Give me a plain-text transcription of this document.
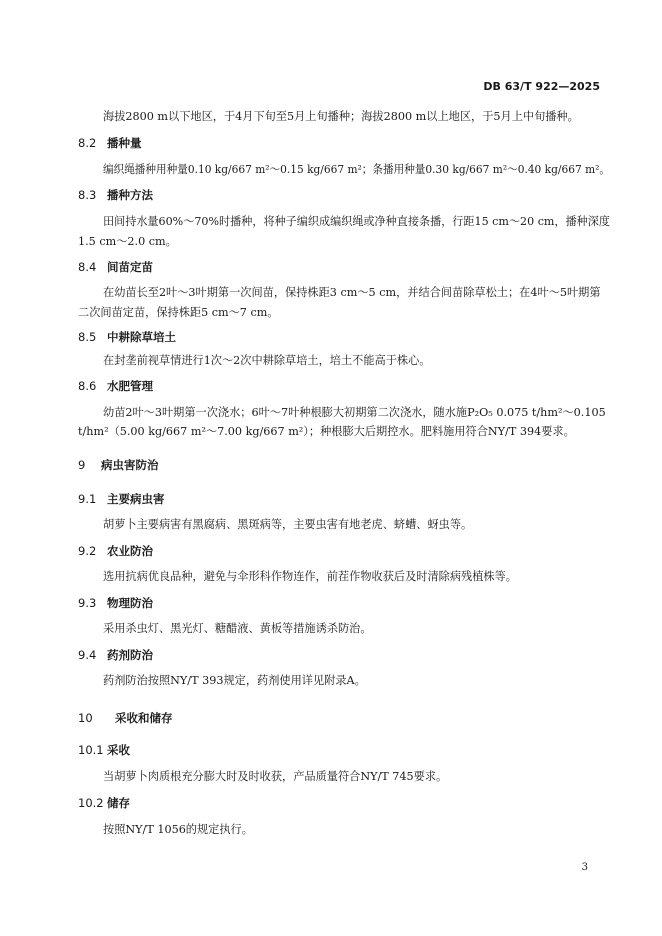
DB 63/T 922—2025
海拔2800 m以下地区，于4月下旬至5月上旬播种；海拔2800 m以上地区，于5月上中旬播种。
8.2 播种量
编织绳播种用种量0.10 kg/667 m²～0.15 kg/667 m²；条播用种量0.30 kg/667 m²～0.40 kg/667 m²。
8.3 播种方法
田间持水量60%～70%时播种，将种子编织成编织绳或净种直接条播，行距15 cm～20 cm，播种深度
1.5 cm～2.0 cm。
8.4 间苗定苗
在幼苗长至2叶～3叶期第一次间苗，保持株距3 cm～5 cm，并结合间苗除草松土；在4叶～5叶期第
二次间苗定苗，保持株距5 cm～7 cm。
8.5 中耕除草培土
在封垄前视草情进行1次～2次中耕除草培土，培土不能高于株心。
8.6 水肥管理
幼苗2叶～3叶期第一次浇水；6叶～7叶种根膨大初期第二次浇水，随水施P₂O₅ 0.075 t/hm²～0.105
t/hm²（5.00 kg/667 m²～7.00 kg/667 m²）；种根膨大后期控水。肥料施用符合NY/T 394要求。
9 病虫害防治
9.1 主要病虫害
胡萝卜主要病害有黑腐病、黑斑病等，主要虫害有地老虎、蛴螬、蚜虫等。
9.2 农业防治
选用抗病优良品种，避免与伞形科作物连作，前茬作物收获后及时清除病残植株等。
9.3 物理防治
采用杀虫灯、黑光灯、糖醋液、黄板等措施诱杀防治。
9.4 药剂防治
药剂防治按照NY/T 393规定，药剂使用详见附录A。
10 采收和储存
10.1 采收
当胡萝卜肉质根充分膨大时及时收获，产品质量符合NY/T 745要求。
10.2 储存
按照NY/T 1056的规定执行。
3
